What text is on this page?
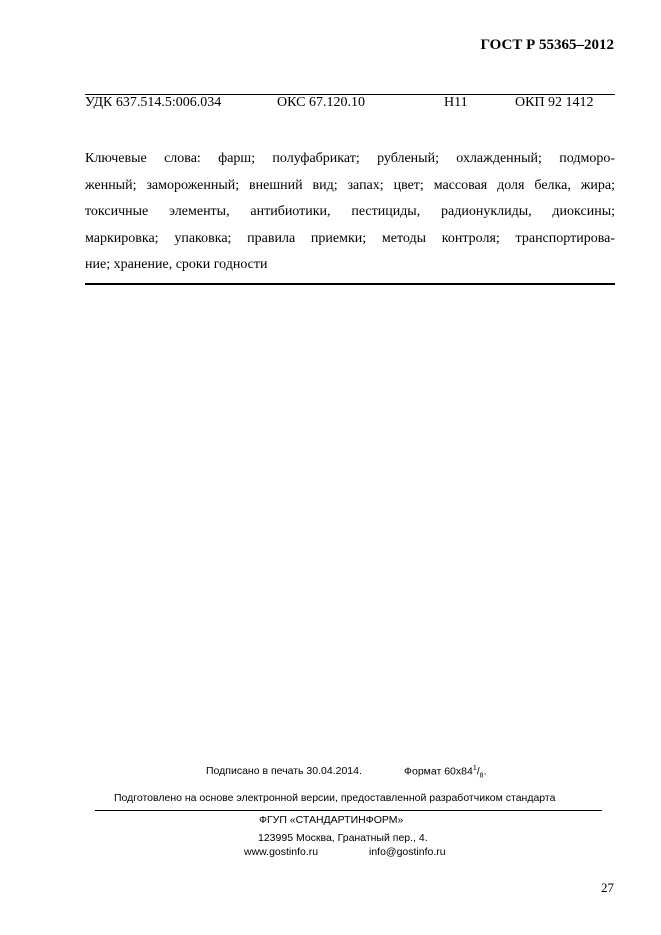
ГОСТ Р 55365–2012
УДК 637.514.5:006.034	ОКС 67.120.10	Н11	ОКП 92 1412
Ключевые слова: фарш; полуфабрикат; рубленый; охлажденный; подморо-
женный; замороженный; внешний вид; запах; цвет; массовая доля белка, жира;
токсичные элементы, антибиотики, пестициды, радионуклиды, диоксины;
маркировка; упаковка; правила приемки; методы контроля; транспортирова-
ние; хранение, сроки годности
Подписано в печать 30.04.2014.	Формат $60x84^1/_8$.
Подготовлено на основе электронной версии, предоставленной разработчиком стандарта
ФГУП «СТАНДАРТИНФОРМ»
123995 Москва, Гранатный пер., 4.
www.gostinfo.ru	info@gostinfo.ru
27
